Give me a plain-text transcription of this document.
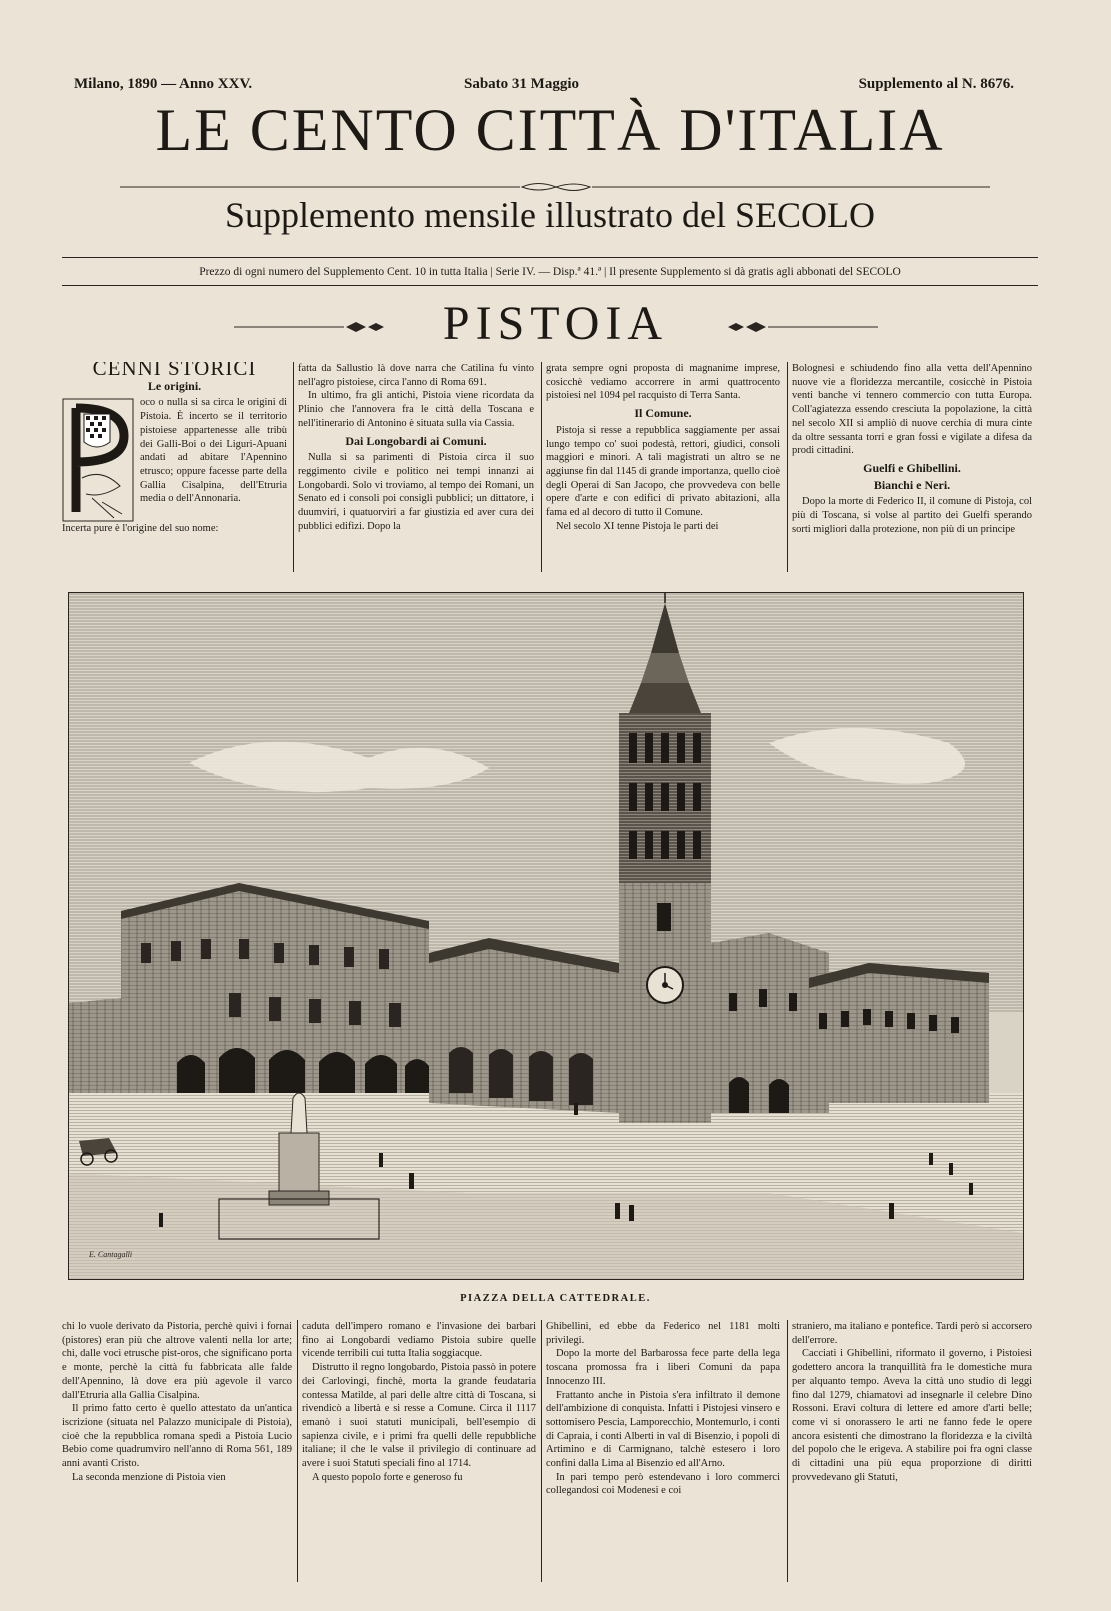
Milano, 1890 — Anno XXV.	Sabato 31 Maggio	Supplemento al N. 8676.
LE CENTO CITTÀ D'ITALIA
Supplemento mensile illustrato del SECOLO
Prezzo di ogni numero del Supplemento Cent. 10 in tutta Italia | Serie IV. — Disp.ª 41.ª | Il presente Supplemento si dà gratis agli abbonati del SECOLO
PISTOIA
CENNI STORICI
Le origini.

oco o nulla si sa circa le origini di Pistoia. È incerto se il territorio pistoiese appartenesse alle tribù dei Galli-Boi o dei Liguri-Apuani andati ad abitare l'Apennino etrusco; oppure facesse parte della Gallia Cisalpina, dell'Etruria media o dell'Annonaria.

Incerta pure è l'origine del suo nome:

fatta da Sallustio là dove narra che Catilina fu vinto nell'agro pistoiese, circa l'anno di Roma 691.

In ultimo, fra gli antichi, Pistoia viene ricordata da Plinio che l'annovera fra le città della Toscana e nell'itinerario di Antonino è situata sulla via Cassia.

Dai Longobardi ai Comuni.

Nulla si sa parimenti di Pistoia circa il suo reggimento civile e politico nei tempi innanzi ai Longobardi. Solo vi troviamo, al tempo dei Romani, un Senato ed i consoli poi consigli pubblici; un dittatore, i duumviri, i quatuorviri a far giustizia ed aver cura dei pubblici edifizi. Dopo la

grata sempre ogni proposta di magnanime imprese, cosicchè vediamo accorrere in armi quattrocento pistoiesi nel 1094 pel racquisto di Terra Santa.

Il Comune.

Pistoja si resse a repubblica saggiamente per assai lungo tempo co' suoi podestà, rettori, giudici, consoli maggiori e minori. A tali magistrati un altro se ne aggiunse fin dal 1145 di grande importanza, quello cioè degli Operai di San Jacopo, che provvedeva con belle opere d'arte e con edifici di privato abitazioni, alla fama ed al decoro di tutto il Comune.

Nel secolo XI tenne Pistoja le parti dei

Bolognesi e schiudendo fino alla vetta dell'Apennino nuove vie a floridezza mercantile, cosicchè in Pistoia venti banche vi tennero commercio con tutta Europa. Coll'agiatezza essendo cresciuta la popolazione, la città nel secolo XII si ampliò di nuove cerchia di mura cinte da oltre sessanta torri e gran fossi e vigilate a difesa da prodi cittadini.

Guelfi e Ghibellini.
Bianchi e Neri.

Dopo la morte di Federico II, il comune di Pistoja, col più di Toscana, si volse al partito dei Guelfi sperando sorti migliori dalla protezione, non più di un principe

E. Cantagalli
PIAZZA DELLA CATTEDRALE.

chi lo vuole derivato da Pistoria, perchè quivi i fornai (pistores) eran più che altrove valenti nella lor arte; chi, dalle voci etrusche pist-oros, che significano porta e monte, perchè la città fu fabbricata alle falde dell'Apennino, là dove era più agevole il varco dall'Etruria alla Gallia Cisalpina.

Il primo fatto certo è quello attestato da un'antica iscrizione (situata nel Palazzo municipale di Pistoia), cioè che la repubblica romana spedì a Pistoia Lucio Bebio come quadrumviro nell'anno di Roma 561, 189 anni avanti Cristo.

La seconda menzione di Pistoia vien

caduta dell'impero romano e l'invasione dei barbari fino ai Longobardi vediamo Pistoia subire quelle vicende terribili cui tutta Italia soggiacque.

Distrutto il regno longobardo, Pistoia passò in potere dei Carlovingi, finchè, morta la grande feudataria contessa Matilde, al pari delle altre città di Toscana, si rivendicò a libertà e si resse a Comune. Circa il 1117 emanò i suoi statuti municipali, bell'esempio di sapienza civile, e i primi fra quelli delle repubbliche italiane; il che le valse il privilegio di continuare ad avere i suoi Statuti speciali fino al 1714.

A questo popolo forte e generoso fu

Ghibellini, ed ebbe da Federico nel 1181 molti privilegi.

Dopo la morte del Barbarossa fece parte della lega toscana promossa fra i liberi Comuni da papa Innocenzo III.

Frattanto anche in Pistoia s'era infiltrato il demone dell'ambizione di conquista. Infatti i Pistojesi vinsero e sottomisero Pescia, Lamporecchio, Montemurlo, i conti di Capraia, i conti Alberti in val di Bisenzio, i popoli di Artimino e di Carmignano, talchè estesero i loro confini dalla Lima al Bisenzio ed all'Arno.

In pari tempo però estendevano i loro commerci collegandosi coi Modenesi e coi

straniero, ma italiano e pontefice. Tardi però si accorsero dell'errore.

Cacciati i Ghibellini, riformato il governo, i Pistoiesi godettero ancora la tranquillità fra le domestiche mura per alquanto tempo. Aveva la città uno studio di leggi fino dal 1279, chiamatovi ad insegnarle il celebre Dino Rossoni. Eravi coltura di lettere ed amore d'arti belle; come vi si onorassero le arti ne fanno fede le opere ancora esistenti che dimostrano la floridezza e la civiltà del popolo che le erigeva. A stabilire poi fra ogni classe di cittadini una più equa proporzione di diritti provvedevano gli Statuti,
